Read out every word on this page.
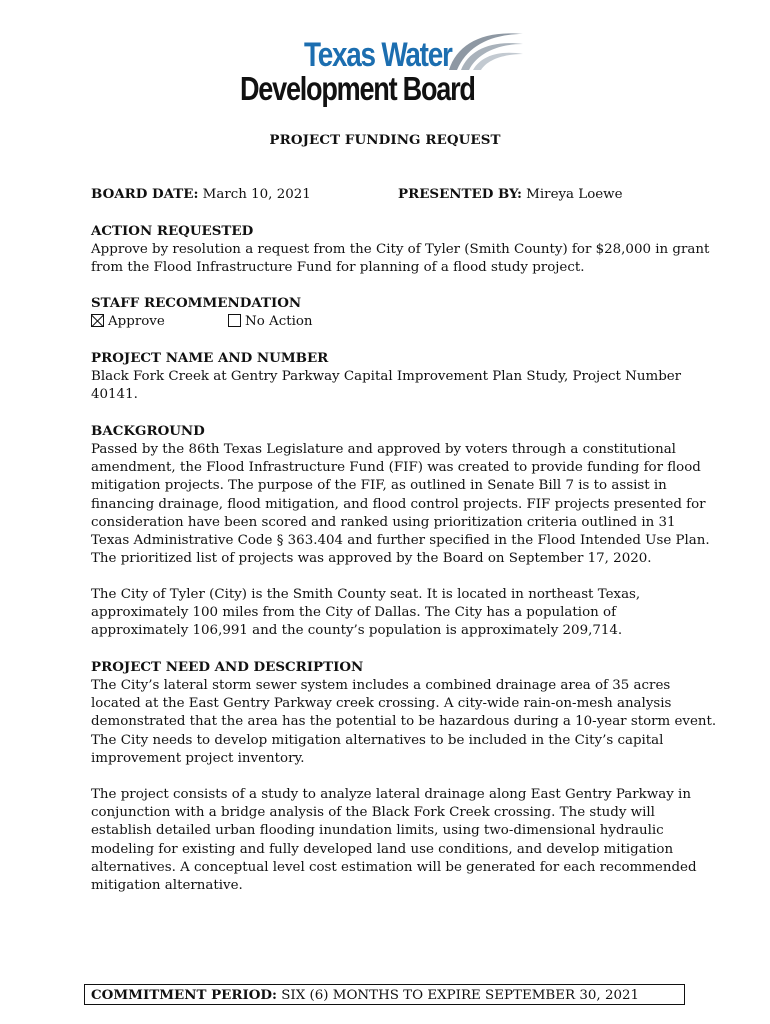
Texas Water
Development Board
PROJECT FUNDING REQUEST
BOARD DATE: March 10, 2021	PRESENTED BY: Mireya Loewe
ACTION REQUESTED
Approve by resolution a request from the City of Tyler (Smith County) for $28,000 in grant
from the Flood Infrastructure Fund for planning of a flood study project.
STAFF RECOMMENDATION
Approve	No Action
PROJECT NAME AND NUMBER
Black Fork Creek at Gentry Parkway Capital Improvement Plan Study, Project Number
40141.
BACKGROUND
Passed by the 86th Texas Legislature and approved by voters through a constitutional
amendment, the Flood Infrastructure Fund (FIF) was created to provide funding for flood
mitigation projects. The purpose of the FIF, as outlined in Senate Bill 7 is to assist in
financing drainage, flood mitigation, and flood control projects. FIF projects presented for
consideration have been scored and ranked using prioritization criteria outlined in 31
Texas Administrative Code § 363.404 and further specified in the Flood Intended Use Plan.
The prioritized list of projects was approved by the Board on September 17, 2020.
The City of Tyler (City) is the Smith County seat. It is located in northeast Texas,
approximately 100 miles from the City of Dallas. The City has a population of
approximately 106,991 and the county’s population is approximately 209,714.
PROJECT NEED AND DESCRIPTION
The City’s lateral storm sewer system includes a combined drainage area of 35 acres
located at the East Gentry Parkway creek crossing. A city-wide rain-on-mesh analysis
demonstrated that the area has the potential to be hazardous during a 10-year storm event.
The City needs to develop mitigation alternatives to be included in the City’s capital
improvement project inventory.
The project consists of a study to analyze lateral drainage along East Gentry Parkway in
conjunction with a bridge analysis of the Black Fork Creek crossing. The study will
establish detailed urban flooding inundation limits, using two-dimensional hydraulic
modeling for existing and fully developed land use conditions, and develop mitigation
alternatives. A conceptual level cost estimation will be generated for each recommended
mitigation alternative.
COMMITMENT PERIOD: SIX (6) MONTHS TO EXPIRE SEPTEMBER 30, 2021
